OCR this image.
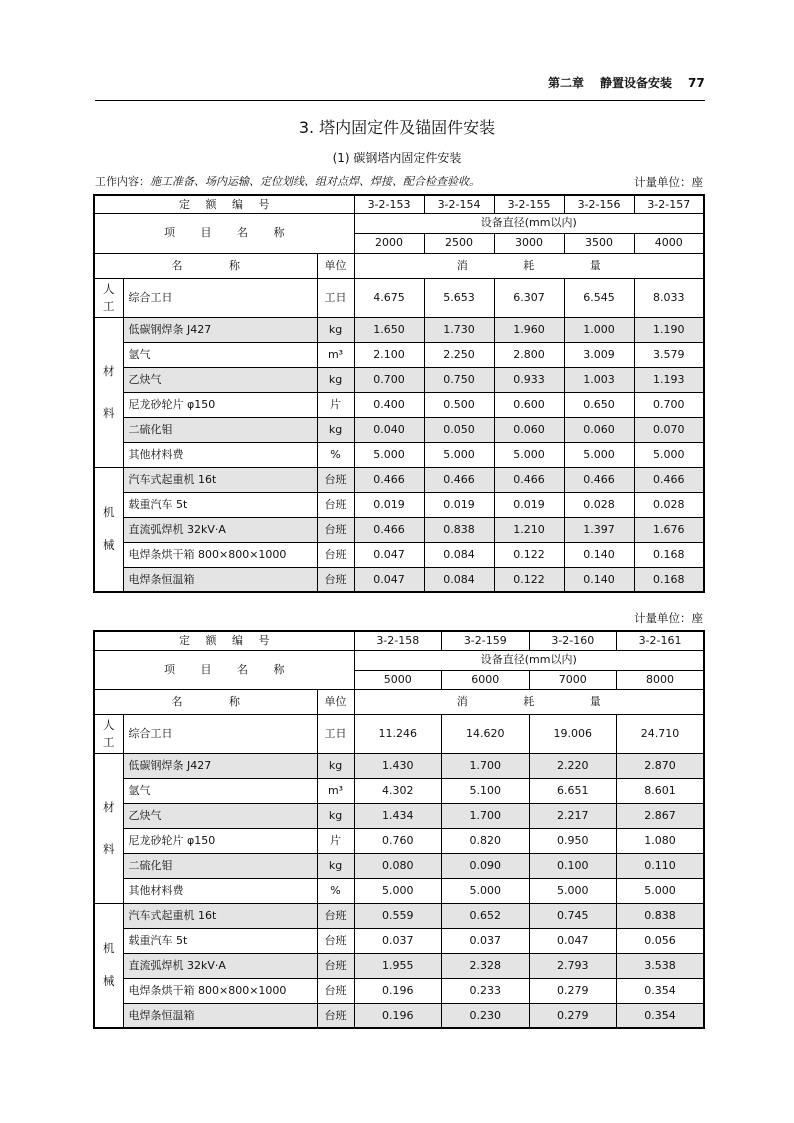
第二章 静置设备安装 77
3. 塔内固定件及锚固件安装
(1) 碳钢塔内固定件安装
工作内容：施工准备、场内运输、定位划线、组对点焊、焊接、配合检查验收。	计量单位：座
定 额 编 号			3-2-153	3-2-154	3-2-155	3-2-156	3-2-157
项 目 名 称			设备直径(mm以内)				
			2000	2500	3000	3500	4000
名 称		单位	消 耗 量				
人工	综合工日	工日	4.675	5.653	6.307	6.545	8.033
材料	低碳钢焊条 J427	kg	1.650	1.730	1.960	1.000	1.190
	氩气	m³	2.100	2.250	2.800	3.009	3.579
	乙炔气	kg	0.700	0.750	0.933	1.003	1.193
	尼龙砂轮片 φ150	片	0.400	0.500	0.600	0.650	0.700
	二硫化钼	kg	0.040	0.050	0.060	0.060	0.070
	其他材料费	%	5.000	5.000	5.000	5.000	5.000
机械	汽车式起重机 16t	台班	0.466	0.466	0.466	0.466	0.466
	载重汽车 5t	台班	0.019	0.019	0.019	0.028	0.028
	直流弧焊机 32kV·A	台班	0.466	0.838	1.210	1.397	1.676
	电焊条烘干箱 800×800×1000	台班	0.047	0.084	0.122	0.140	0.168
	电焊条恒温箱	台班	0.047	0.084	0.122	0.140	0.168
计量单位：座
定 额 编 号			3-2-158	3-2-159	3-2-160	3-2-161
项 目 名 称			设备直径(mm以内)			
			5000	6000	7000	8000
名 称		单位	消 耗 量			
人工	综合工日	工日	11.246	14.620	19.006	24.710
材料	低碳钢焊条 J427	kg	1.430	1.700	2.220	2.870
	氩气	m³	4.302	5.100	6.651	8.601
	乙炔气	kg	1.434	1.700	2.217	2.867
	尼龙砂轮片 φ150	片	0.760	0.820	0.950	1.080
	二硫化钼	kg	0.080	0.090	0.100	0.110
	其他材料费	%	5.000	5.000	5.000	5.000
机械	汽车式起重机 16t	台班	0.559	0.652	0.745	0.838
	载重汽车 5t	台班	0.037	0.037	0.047	0.056
	直流弧焊机 32kV·A	台班	1.955	2.328	2.793	3.538
	电焊条烘干箱 800×800×1000	台班	0.196	0.233	0.279	0.354
	电焊条恒温箱	台班	0.196	0.230	0.279	0.354
